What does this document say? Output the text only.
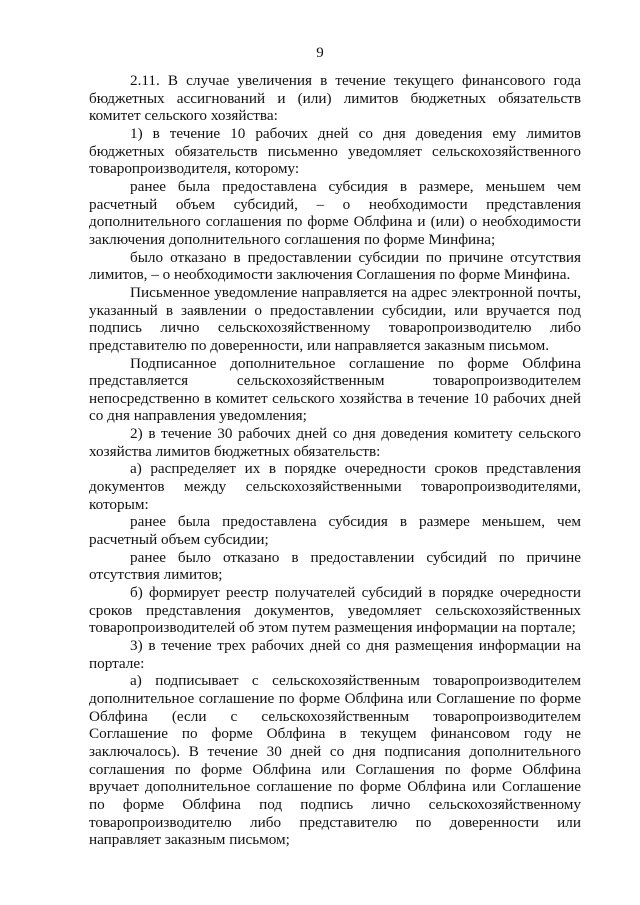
9

2.11. В случае увеличения в течение текущего финансового года бюджетных ассигнований и (или) лимитов бюджетных обязательств комитет сельского хозяйства:

1) в течение 10 рабочих дней со дня доведения ему лимитов бюджетных обязательств письменно уведомляет сельскохозяйственного товаропроизводителя, которому:

ранее была предоставлена субсидия в размере, меньшем чем расчетный объем субсидий, – о необходимости представления дополнительного соглашения по форме Облфина и (или) о необходимости заключения дополнительного соглашения по форме Минфина;

было отказано в предоставлении субсидии по причине отсутствия лимитов, – о необходимости заключения Соглашения по форме Минфина.

Письменное уведомление направляется на адрес электронной почты, указанный в заявлении о предоставлении субсидии, или вручается под подпись лично сельскохозяйственному товаропроизводителю либо представителю по доверенности, или направляется заказным письмом.

Подписанное дополнительное соглашение по форме Облфина представляется сельскохозяйственным товаропроизводителем непосредственно в комитет сельского хозяйства в течение 10 рабочих дней со дня направления уведомления;

2) в течение 30 рабочих дней со дня доведения комитету сельского хозяйства лимитов бюджетных обязательств:

а) распределяет их в порядке очередности сроков представления документов между сельскохозяйственными товаропроизводителями, которым:

ранее была предоставлена субсидия в размере меньшем, чем расчетный объем субсидии;

ранее было отказано в предоставлении субсидий по причине отсутствия лимитов;

б) формирует реестр получателей субсидий в порядке очередности сроков представления документов, уведомляет сельскохозяйственных товаропроизводителей об этом путем размещения информации на портале;

3) в течение трех рабочих дней со дня размещения информации на портале:

а) подписывает с сельскохозяйственным товаропроизводителем дополнительное соглашение по форме Облфина или Соглашение по форме Облфина (если с сельскохозяйственным товаропроизводителем Соглашение по форме Облфина в текущем финансовом году не заключалось). В течение 30 дней со дня подписания дополнительного соглашения по форме Облфина или Соглашения по форме Облфина вручает дополнительное соглашение по форме Облфина или Соглашение по форме Облфина под подпись лично сельскохозяйственному товаропроизводителю либо представителю по доверенности или направляет заказным письмом;
